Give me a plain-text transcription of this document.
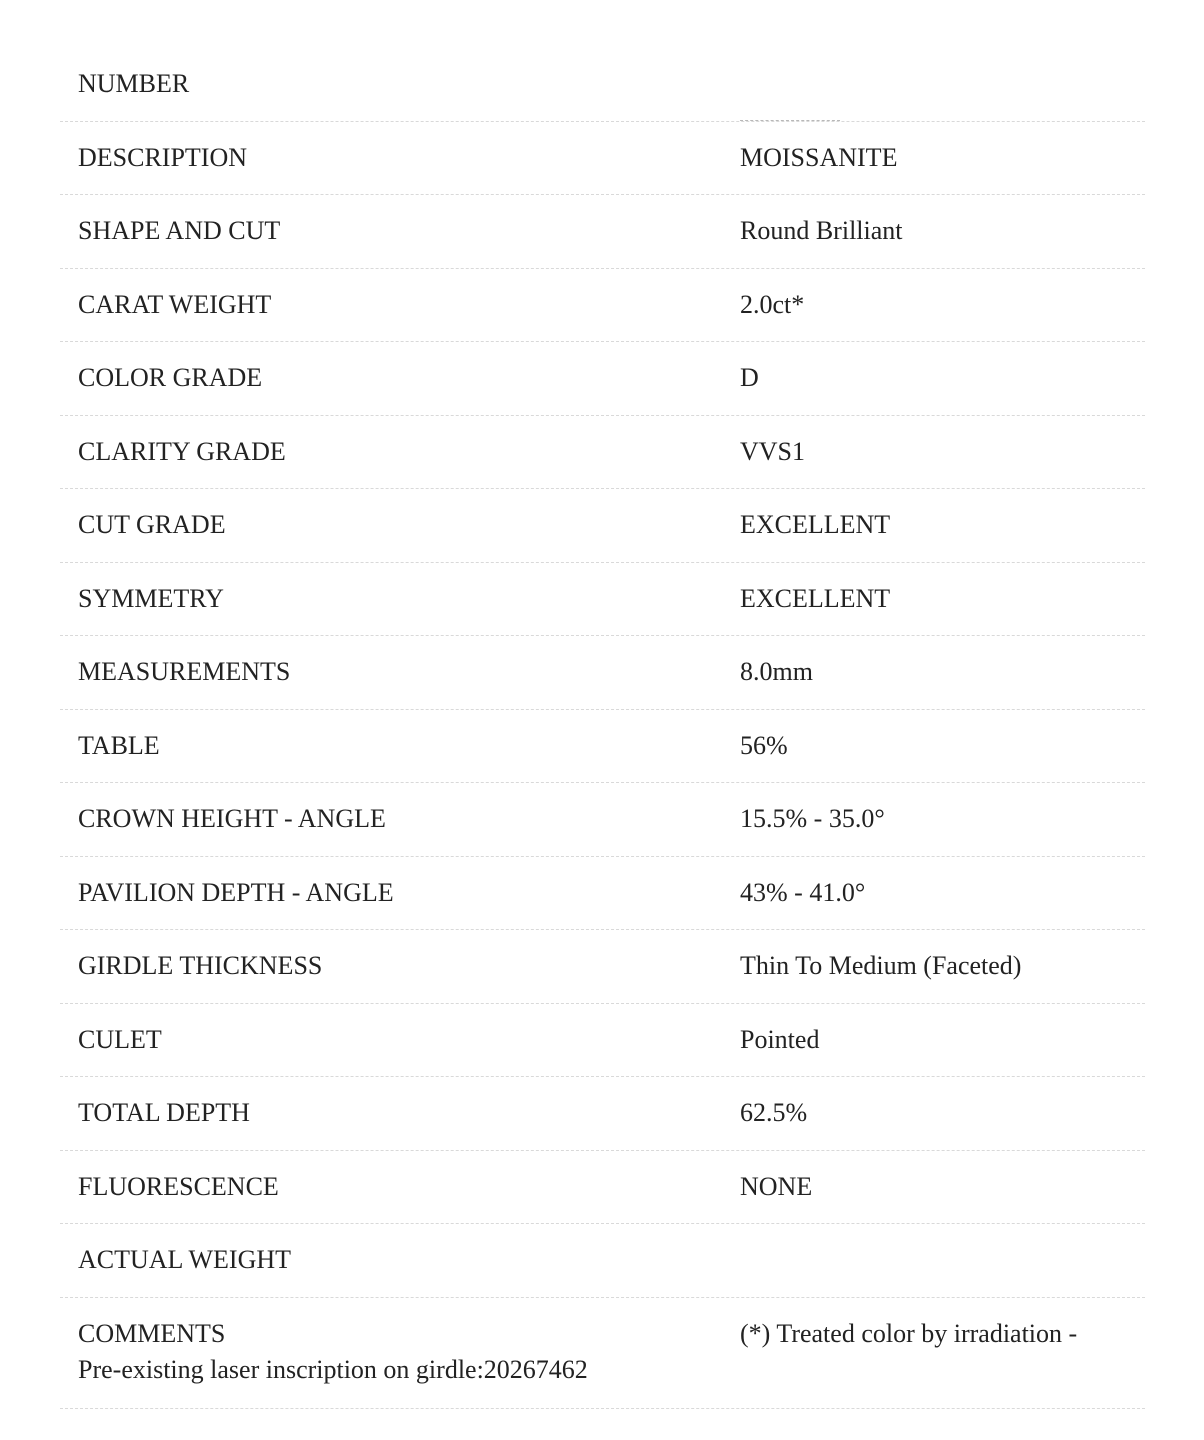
NUMBER
DESCRIPTION	MOISSANITE
SHAPE AND CUT	Round Brilliant
CARAT WEIGHT	2.0ct*
COLOR GRADE	D
CLARITY GRADE	VVS1
CUT GRADE	EXCELLENT
SYMMETRY	EXCELLENT
MEASUREMENTS	8.0mm
TABLE	56%
CROWN HEIGHT - ANGLE	15.5% - 35.0°
PAVILION DEPTH - ANGLE	43% - 41.0°
GIRDLE THICKNESS	Thin To Medium (Faceted)
CULET	Pointed
TOTAL DEPTH	62.5%
FLUORESCENCE	NONE
ACTUAL WEIGHT
COMMENTS	(*) Treated color by irradiation -
Pre-existing laser inscription on girdle:20267462
